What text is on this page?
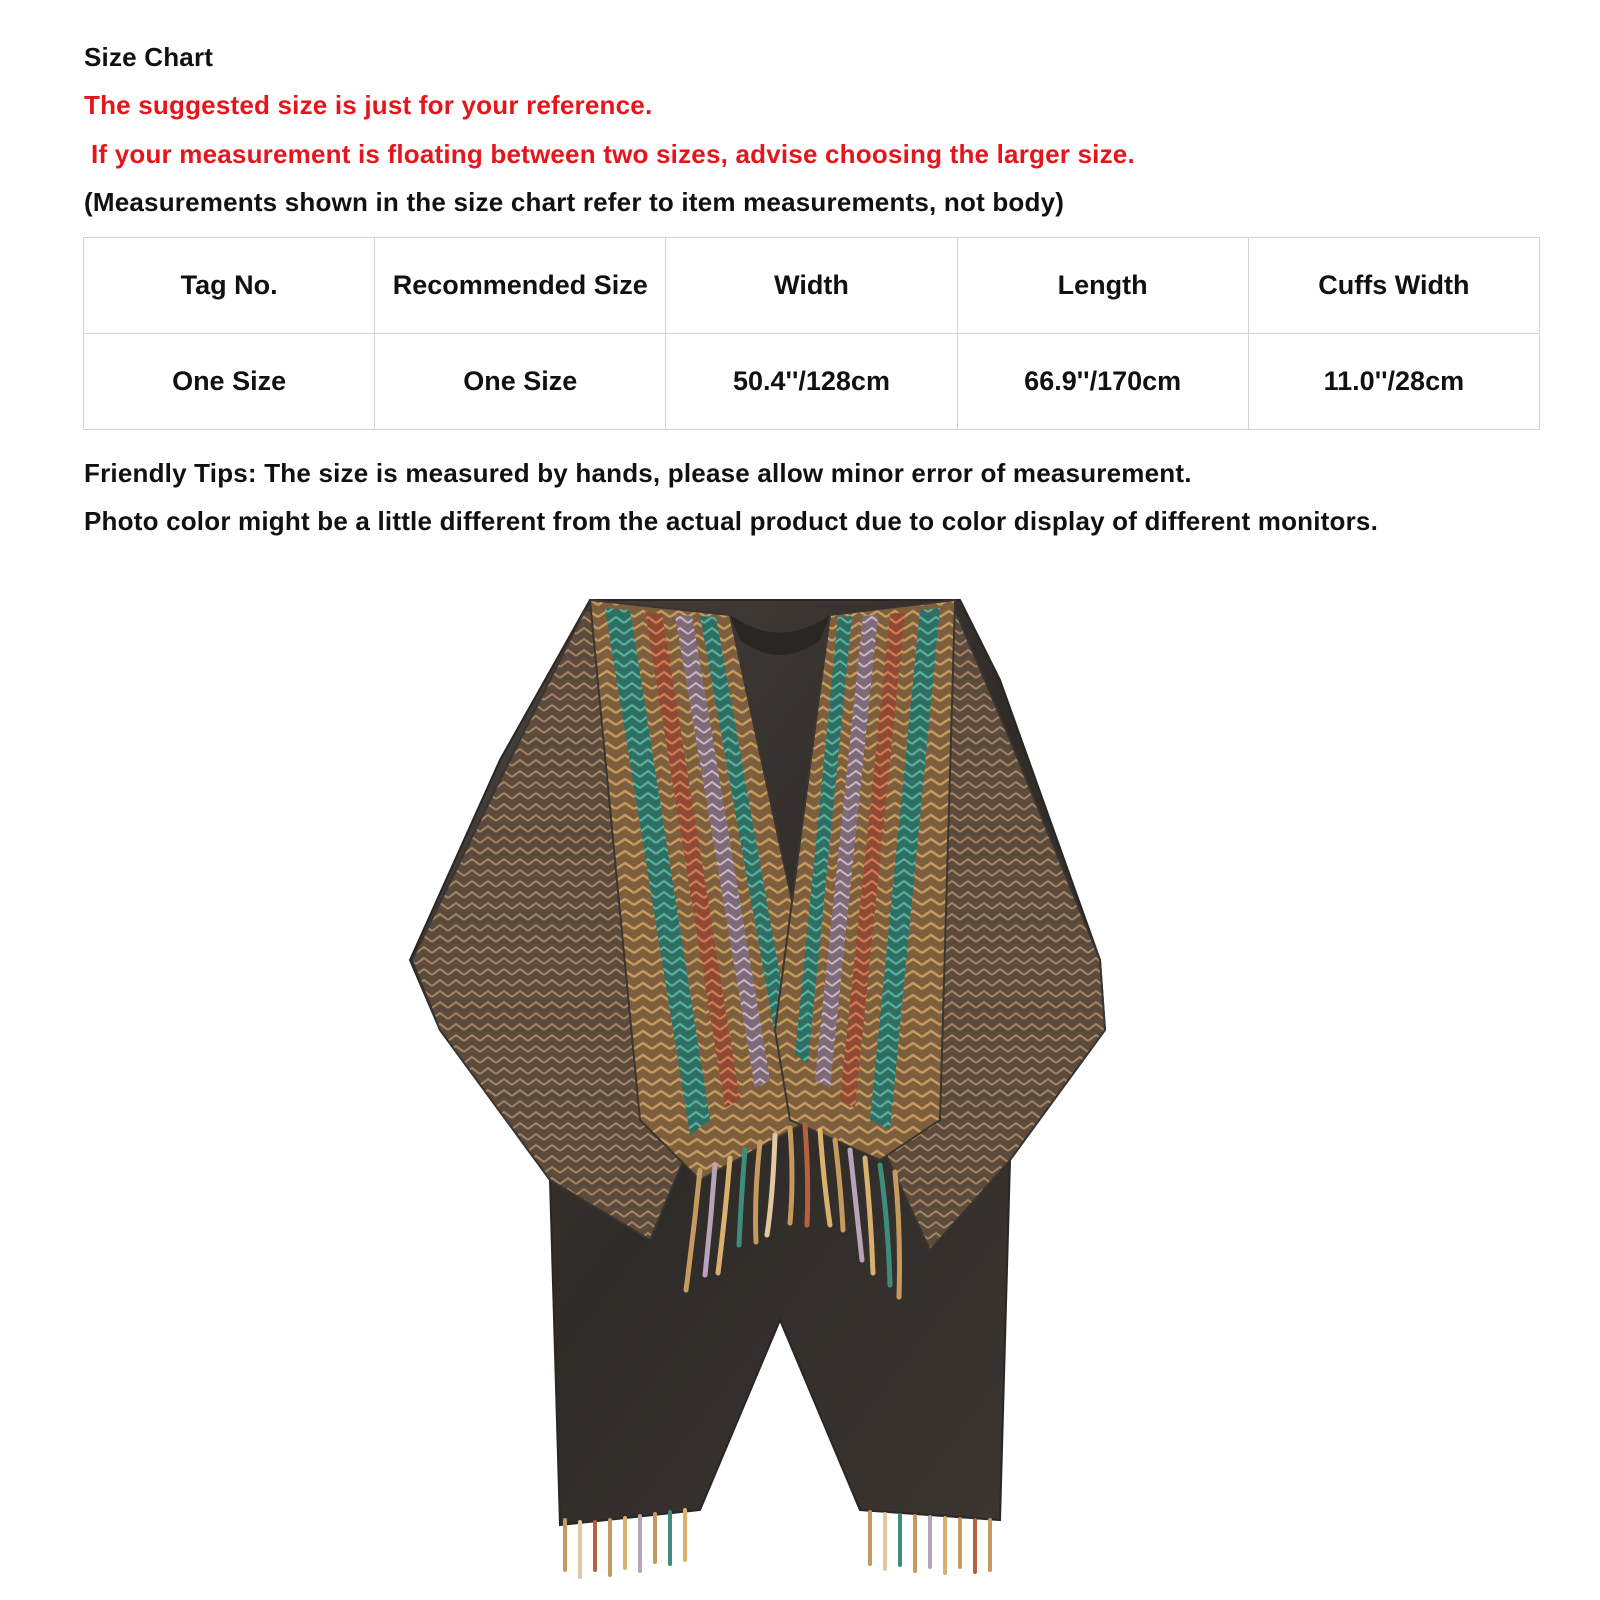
Size Chart
The suggested size is just for your reference.
If your measurement is floating between two sizes, advise choosing the larger size.
(Measurements shown in the size chart refer to item measurements, not body)
Tag No.	Recommended Size	Width	Length	Cuffs Width
One Size	One Size	50.4''/128cm	66.9''/170cm	11.0''/28cm
Friendly Tips: The size is measured by hands, please allow minor error of measurement.
Photo color might be a little different from the actual product due to color display of different monitors.
